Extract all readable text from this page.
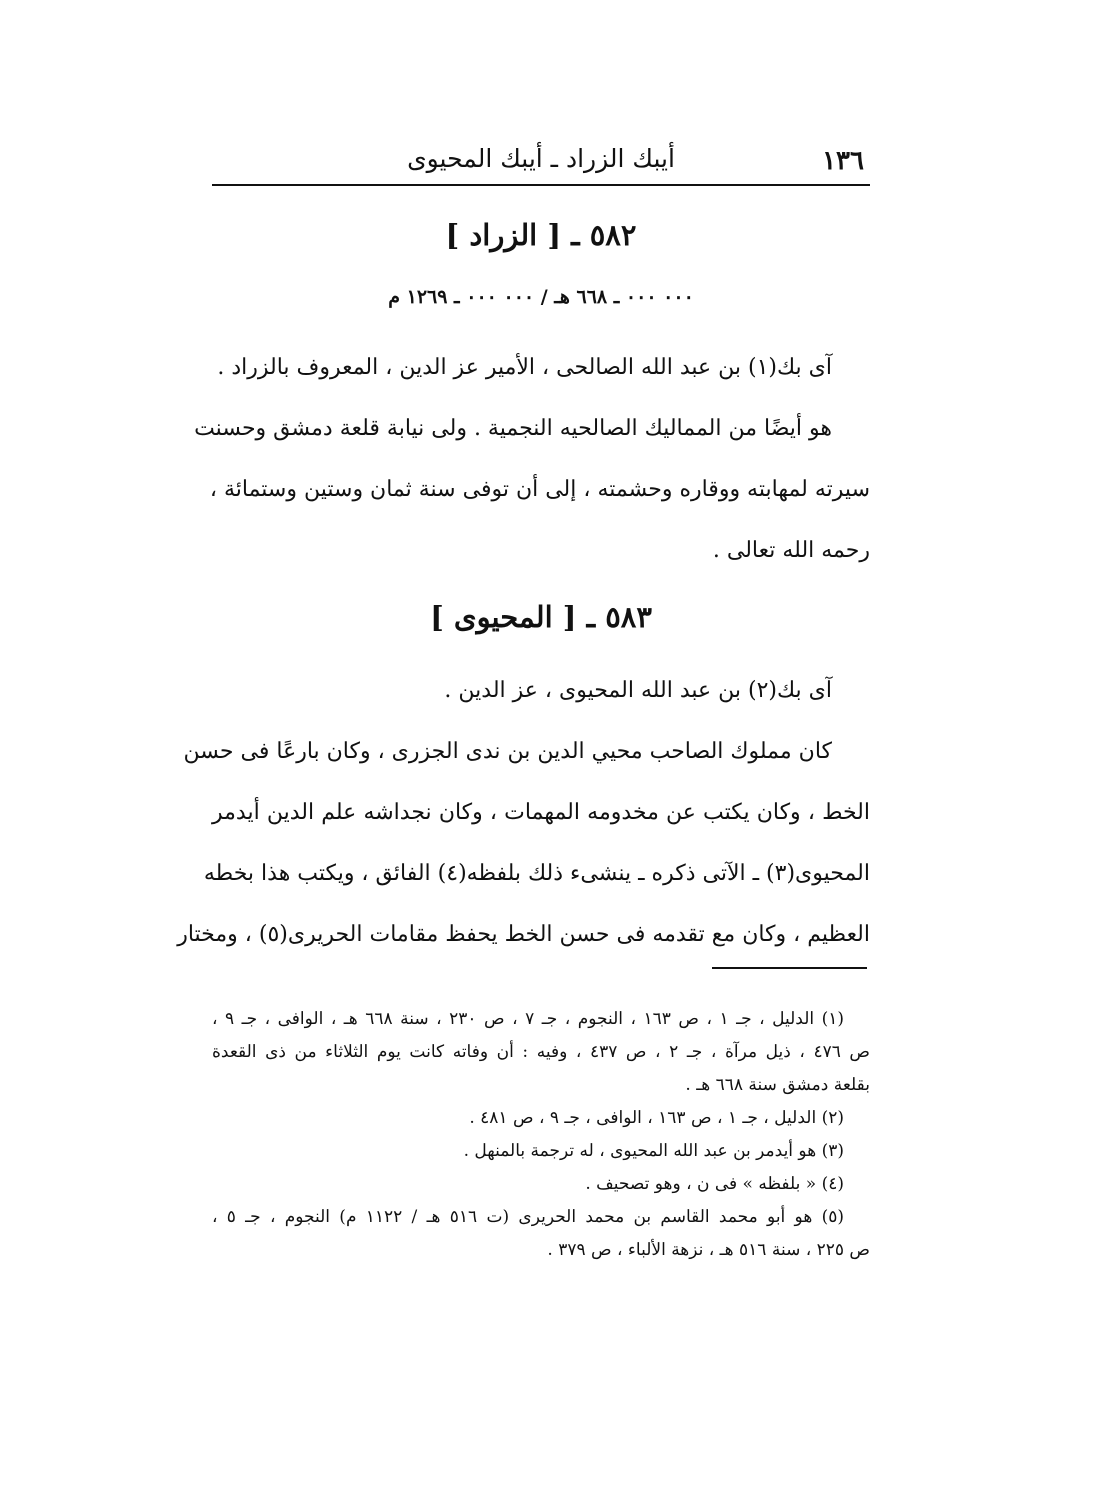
١٣٦
أيبك الزراد ـ أيبك المحيوى
٥٨٢ ـ [ الزراد ]
٠٠٠ ٠٠٠ ـ ٦٦٨ هـ / ٠٠٠ ٠٠٠ ـ ١٢٦٩ م
آى بك(١) بن عبد الله الصالحى ، الأمير عز الدين ، المعروف بالزراد .
هو أيضًا من المماليك الصالحيه النجمية . ولى نيابة قلعة دمشق وحسنت
سيرته لمهابته ووقاره وحشمته ، إلى أن توفى سنة ثمان وستين وستمائة ،
رحمه الله تعالى .
٥٨٣ ـ [ المحيوى ]
آى بك(٢) بن عبد الله المحيوى ، عز الدين .
كان مملوك الصاحب محيي الدين بن ندى الجزرى ، وكان بارعًا فى حسن
الخط ، وكان يكتب عن مخدومه المهمات ، وكان نجداشه علم الدين أيدمر
المحيوى(٣) ـ الآتى ذكره ـ ينشىء ذلك بلفظه(٤) الفائق ، ويكتب هذا بخطه
العظيم ، وكان مع تقدمه فى حسن الخط يحفظ مقامات الحريرى(٥) ، ومختار
(١) الدليل ، جـ ١ ، ص ١٦٣ ، النجوم ، جـ ٧ ، ص ٢٣٠ ، سنة ٦٦٨ هـ ، الوافى ، جـ ٩ ،
ص ٤٧٦ ، ذيل مرآة ، جـ ٢ ، ص ٤٣٧ ، وفيه : أن وفاته كانت يوم الثلاثاء من ذى القعدة
بقلعة دمشق سنة ٦٦٨ هـ .
(٢) الدليل ، جـ ١ ، ص ١٦٣ ، الوافى ، جـ ٩ ، ص ٤٨١ .
(٣) هو أيدمر بن عبد الله المحيوى ، له ترجمة بالمنهل .
(٤) « بلفظه » فى ن ، وهو تصحيف .
(٥) هو أبو محمد القاسم بن محمد الحريرى (ت ٥١٦ هـ / ١١٢٢ م) النجوم ، جـ ٥ ،
ص ٢٢٥ ، سنة ٥١٦ هـ ، نزهة الألباء ، ص ٣٧٩ .
